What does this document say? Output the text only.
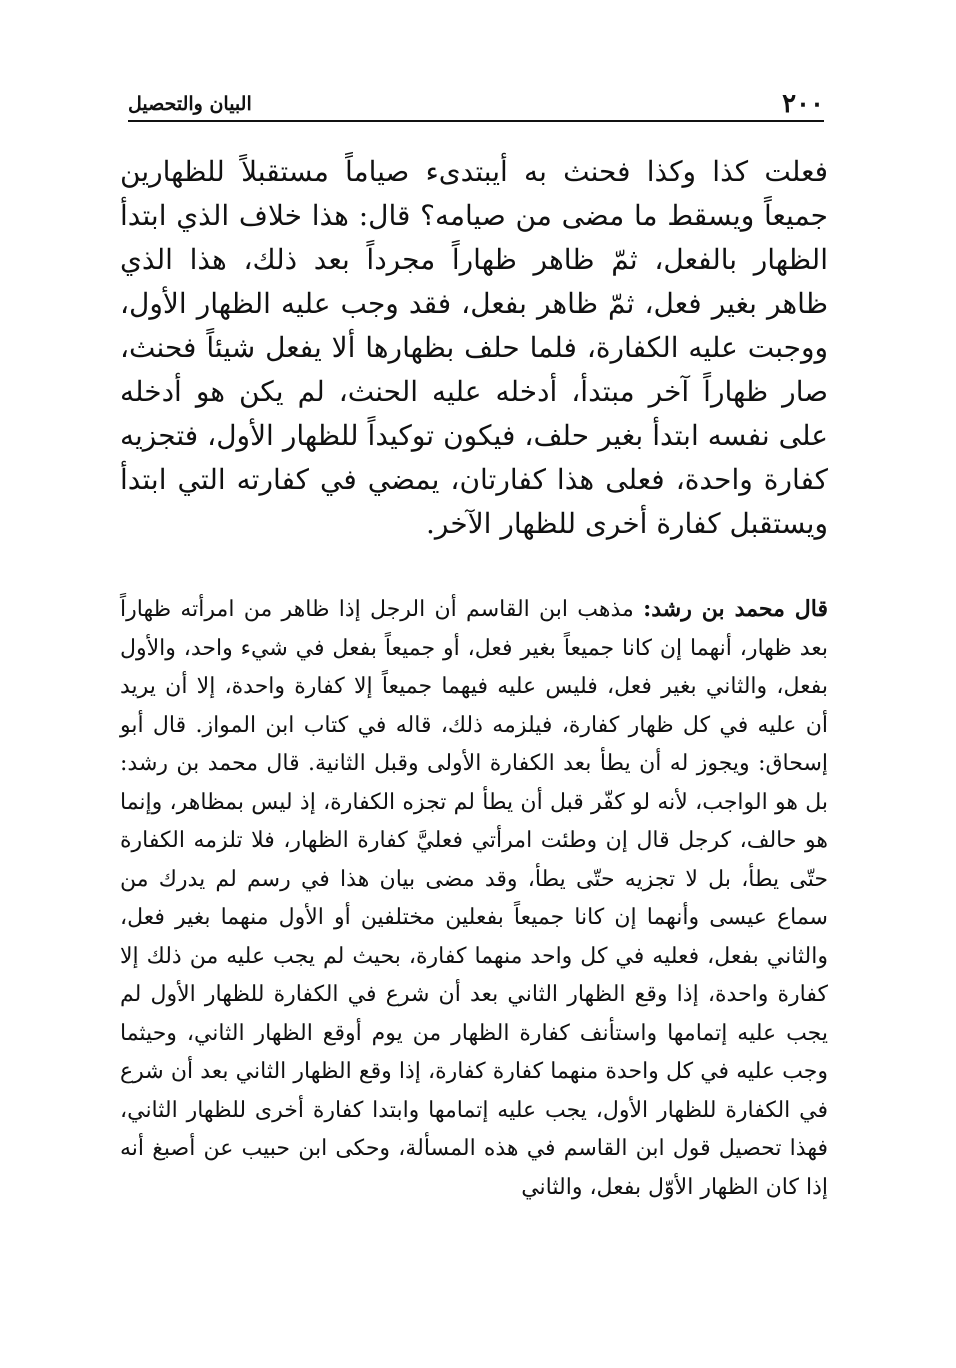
٢٠٠
البيان والتحصيل

فعلت كذا وكذا فحنث به أيبتدىء صياماً مستقبلاً للظهارين جميعاً ويسقط ما مضى من صيامه؟ قال: هذا خلاف الذي ابتدأ الظهار بالفعل، ثمّ ظاهر ظهاراً مجرداً بعد ذلك، هذا الذي ظاهر بغير فعل، ثمّ ظاهر بفعل، فقد وجب عليه الظهار الأول، ووجبت عليه الكفارة، فلما حلف بظهارها ألا يفعل شيئاً فحنث، صار ظهاراً آخر مبتدأ، أدخله عليه الحنث، لم يكن هو أدخله على نفسه ابتدأ بغير حلف، فيكون توكيداً للظهار الأول، فتجزيه كفارة واحدة، فعلى هذا كفارتان، يمضي في كفارته التي ابتدأ ويستقبل كفارة أخرى للظهار الآخر.

قال محمد بن رشد: مذهب ابن القاسم أن الرجل إذا ظاهر من امرأته ظهاراً بعد ظهار، أنهما إن كانا جميعاً بغير فعل، أو جميعاً بفعل في شيء واحد، والأول بفعل، والثاني بغير فعل، فليس عليه فيهما جميعاً إلا كفارة واحدة، إلا أن يريد أن عليه في كل ظهار كفارة، فيلزمه ذلك، قاله في كتاب ابن المواز. قال أبو إسحاق: ويجوز له أن يطأ بعد الكفارة الأولى وقبل الثانية. قال محمد بن رشد: بل هو الواجب، لأنه لو كفّر قبل أن يطأ لم تجزه الكفارة، إذ ليس بمظاهر، وإنما هو حالف، كرجل قال إن وطئت امرأتي فعليَّ كفارة الظهار، فلا تلزمه الكفارة حتّى يطأ، بل لا تجزيه حتّى يطأ، وقد مضى بيان هذا في رسم لم يدرك من سماع عيسى وأنهما إن كانا جميعاً بفعلين مختلفين أو الأول منهما بغير فعل، والثاني بفعل، فعليه في كل واحد منهما كفارة، بحيث لم يجب عليه من ذلك إلا كفارة واحدة، إذا وقع الظهار الثاني بعد أن شرع في الكفارة للظهار الأول لم يجب عليه إتمامها واستأنف كفارة الظهار من يوم أوقع الظهار الثاني، وحيثما وجب عليه في كل واحدة منهما كفارة كفارة، إذا وقع الظهار الثاني بعد أن شرع في الكفارة للظهار الأول، يجب عليه إتمامها وابتدا كفارة أخرى للظهار الثاني، فهذا تحصيل قول ابن القاسم في هذه المسألة، وحكى ابن حبيب عن أصبغ أنه إذا كان الظهار الأوّل بفعل، والثاني
